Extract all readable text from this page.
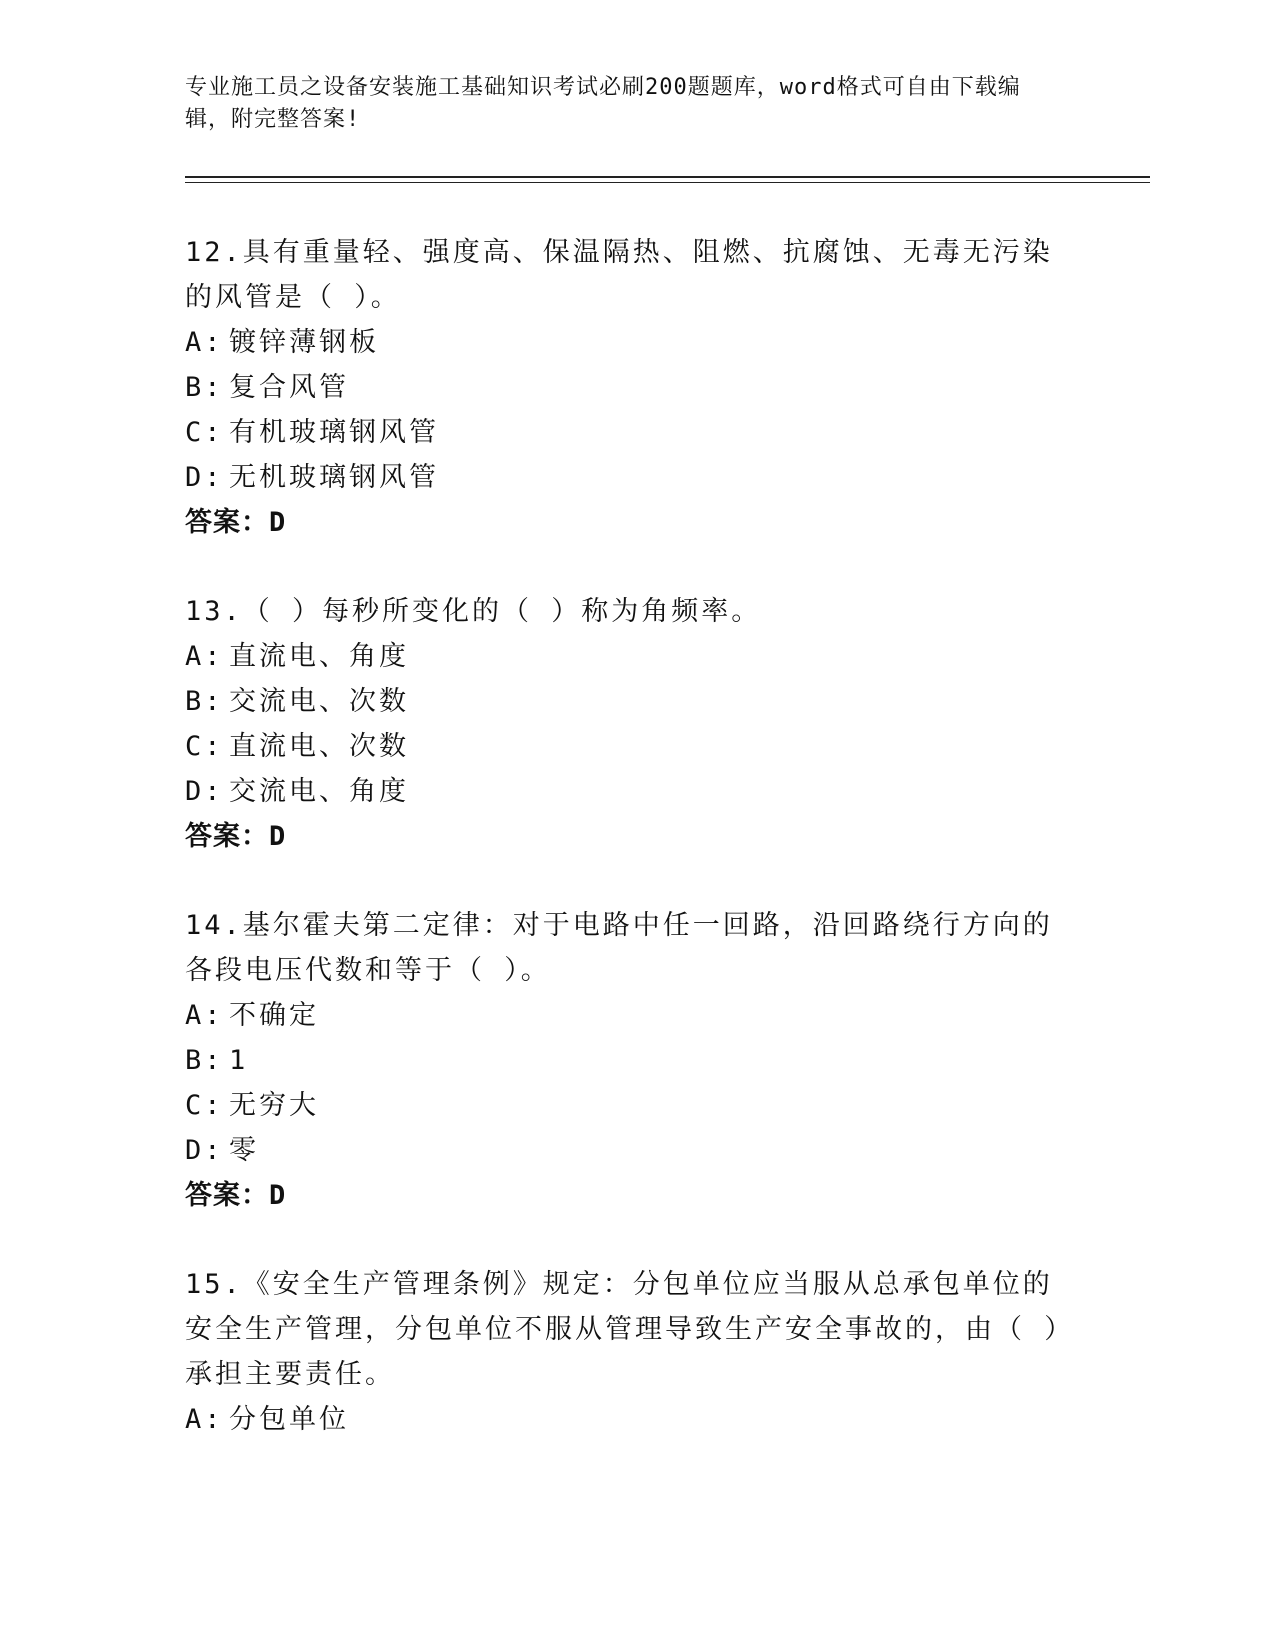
专业施工员之设备安装施工基础知识考试必刷200题题库，word格式可自由下载编辑，附完整答案!

12.具有重量轻、强度高、保温隔热、阻燃、抗腐蚀、无毒无污染的风管是（ ）。

A: 镀锌薄钢板
B: 复合风管
C: 有机玻璃钢风管
D: 无机玻璃钢风管
答案：D

13.（ ）每秒所变化的（ ）称为角频率。

A: 直流电、角度
B: 交流电、次数
C: 直流电、次数
D: 交流电、角度
答案：D

14.基尔霍夫第二定律：对于电路中任一回路，沿回路绕行方向的各段电压代数和等于（ ）。

A: 不确定
B: 1
C: 无穷大
D: 零
答案：D

15.《安全生产管理条例》规定：分包单位应当服从总承包单位的安全生产管理，分包单位不服从管理导致生产安全事故的，由（ ）承担主要责任。

A: 分包单位
